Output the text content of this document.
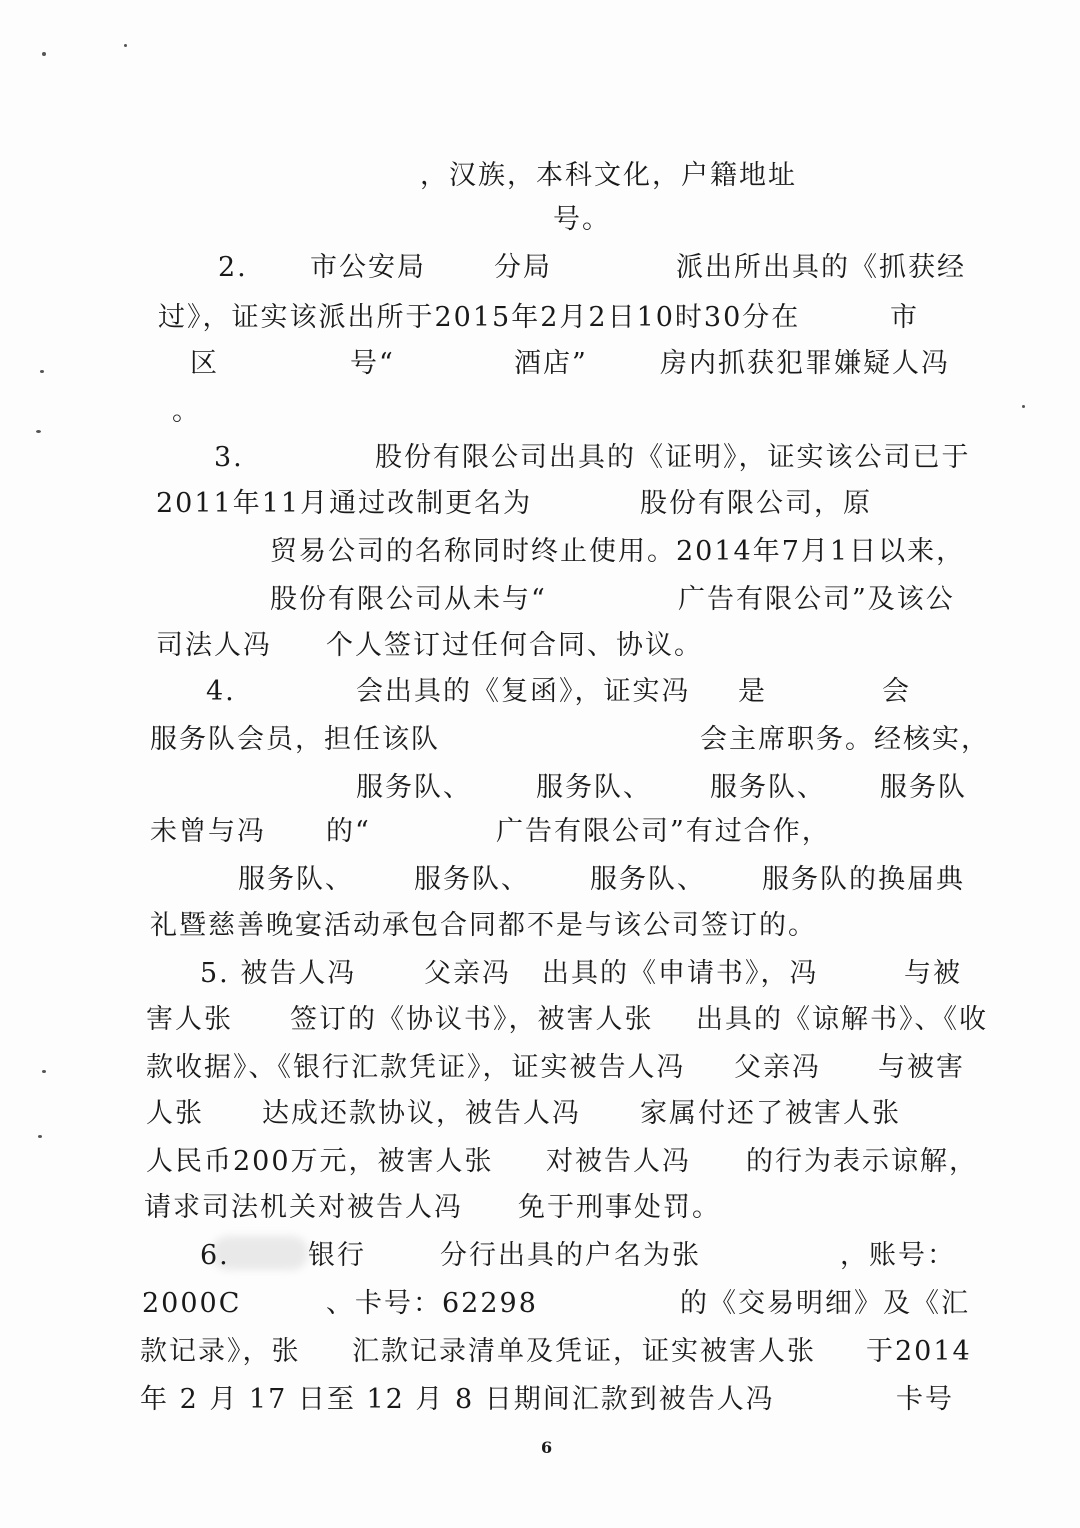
，汉族，本科文化，户籍地址
号。
2. 市公安局	分局	派出所出具的《抓获经
过》，证实该派出所于2015年2月2日10时30分在	市
区	号“	酒店”	房内抓获犯罪嫌疑人冯
。
3.	股份有限公司出具的《证明》，证实该公司已于
2011年11月通过改制更名为	股份有限公司，原
贸易公司的名称同时终止使用。2014年7月1日以来，
股份有限公司从未与“	广告有限公司”及该公
司法人冯 个人签订过任何合同、协议。
4.	会出具的《复函》，证实冯 是	会
服务队会员，担任该队	会主席职务。经核实，
服务队、 服务队、 服务队、 服务队
未曾与冯 的“	广告有限公司”有过合作，
服务队、 服务队、 服务队、 服务队的换届典
礼暨慈善晚宴活动承包合同都不是与该公司签订的。
5. 被告人冯	父亲冯 出具的《申请书》，冯	与被
害人张 签订的《协议书》，被害人张 出具的《谅解书》、《收
款收据》、《银行汇款凭证》，证实被告人冯 父亲冯 与被害
人张 达成还款协议，被告人冯 家属付还了被害人张
人民币200万元，被害人张 对被告人冯 的行为表示谅解，
请求司法机关对被告人冯 免于刑事处罚。
6.	银行	分行出具的户名为张	，账号：
2000C	、卡号：62298	的《交易明细》及《汇
款记录》，张 汇款记录清单及凭证，证实被害人张 于2014
年 2 月 17 日至 12 月 8 日期间汇款到被告人冯	卡号
6
